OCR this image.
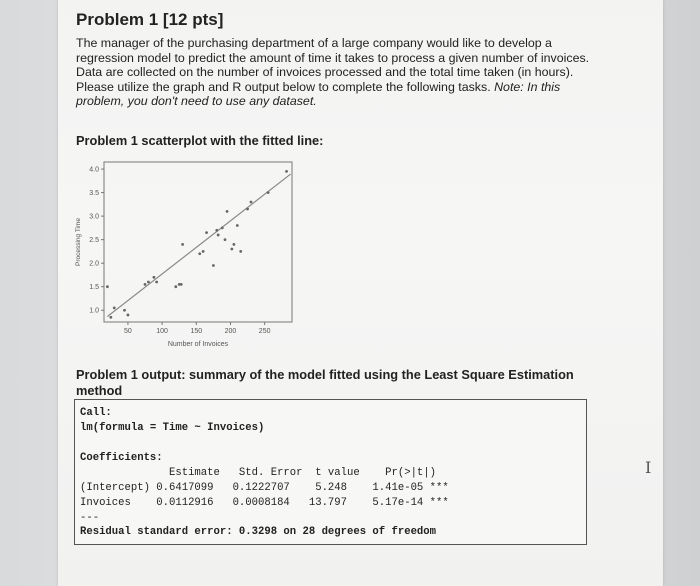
Problem 1 [12 pts]
The manager of the purchasing department of a large company would like to develop a
regression model to predict the amount of time it takes to process a given number of invoices.
Data are collected on the number of invoices processed and the total time taken (in hours).
Please utilize the graph and R output below to complete the following tasks. Note: In this
problem, you don't need to use any dataset.
Problem 1 scatterplot with the fitted line:
1.0
1.5
2.0
2.5
3.0
3.5
4.0
50	100	150	200	250
Number of Invoices
Processing Time
Problem 1 output: summary of the model fitted using the Least Square Estimation
method
Call:
lm(formula = Time ~ Invoices)
Coefficients:
Estimate   Std. Error  t value    Pr(>|t|)
(Intercept) 0.6417099   0.1222707    5.248    1.41e-05 ***
Invoices    0.0112916   0.0008184   13.797    5.17e-14 ***
---
Residual standard error: 0.3298 on 28 degrees of freedom
I
